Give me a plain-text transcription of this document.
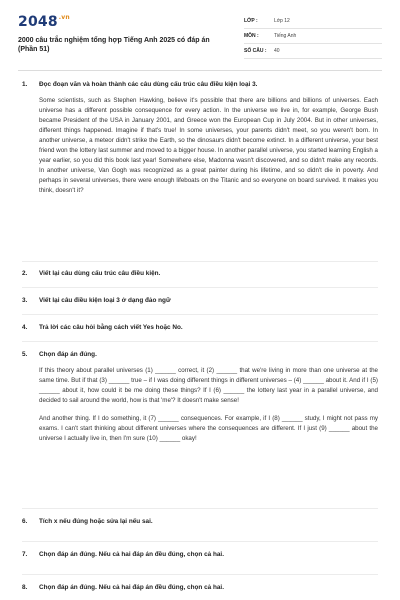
$2048^{.vn}$
2000 câu trắc nghiệm tổng hợp Tiếng Anh 2025 có đáp án (Phần 51)
LỚP :	Lớp 12
MÔN :	Tiếng Anh
SỐ CÂU :	40
1.	Đọc đoạn văn và hoàn thành các câu dùng cấu trúc câu điều kiện loại 3.
Some scientists, such as Stephen Hawking, believe it's possible that there are billions and billions of universes. Each universe has a different possible consequence for every action. In the universe we live in, for example, George Bush became President of the USA in January 2001, and Greece won the European Cup in July 2004. But in other universes, different things happened. Imagine if that's true! In some universes, your parents didn't meet, so you weren't born. In another universe, a meteor didn't strike the Earth, so the dinosaurs didn't become extinct. In a different universe, your best friend won the lottery last summer and moved to a bigger house. In another parallel universe, you started learning English a year earlier, so you did this book last year! Somewhere else, Madonna wasn't discovered, and so didn't make any records. In another universe, Van Gogh was recognized as a great painter during his lifetime, and so didn't die in poverty. And perhaps in several universes, there were enough lifeboats on the Titanic and so everyone on board survived. It makes you think, doesn't it?
2.	Viết lại câu dùng cấu trúc câu điều kiện.
3.	Viết lại câu điều kiện loại 3 ở dạng đảo ngữ
4.	Trả lời các câu hỏi bằng cách viết Yes hoặc No.
5.	Chọn đáp án đúng.
If this theory about parallel universes (1) ______ correct, it (2) ______ that we're living in more than one universe at the same time. But if that (3) ______ true – if I was doing different things in different universes – (4) ______ about it. And if I (5) ______ about it, how could it be me doing these things? If I (6) ______ the lottery last year in a parallel universe, and decided to sail around the world, how is that 'me'? It doesn't make sense!
And another thing. If I do something, it (7) ______ consequences. For example, if I (8) ______ study, I might not pass my exams. I can't start thinking about different universes where the consequences are different. If I just (9) ______ about the universe I actually live in, then I'm sure (10) ______ okay!
6.	Tích x nếu đúng hoặc sửa lại nếu sai.
7.	Chọn đáp án đúng. Nếu cả hai đáp án đều đúng, chọn cả hai.
8.	Chọn đáp án đúng. Nếu cả hai đáp án đều đúng, chọn cả hai.
